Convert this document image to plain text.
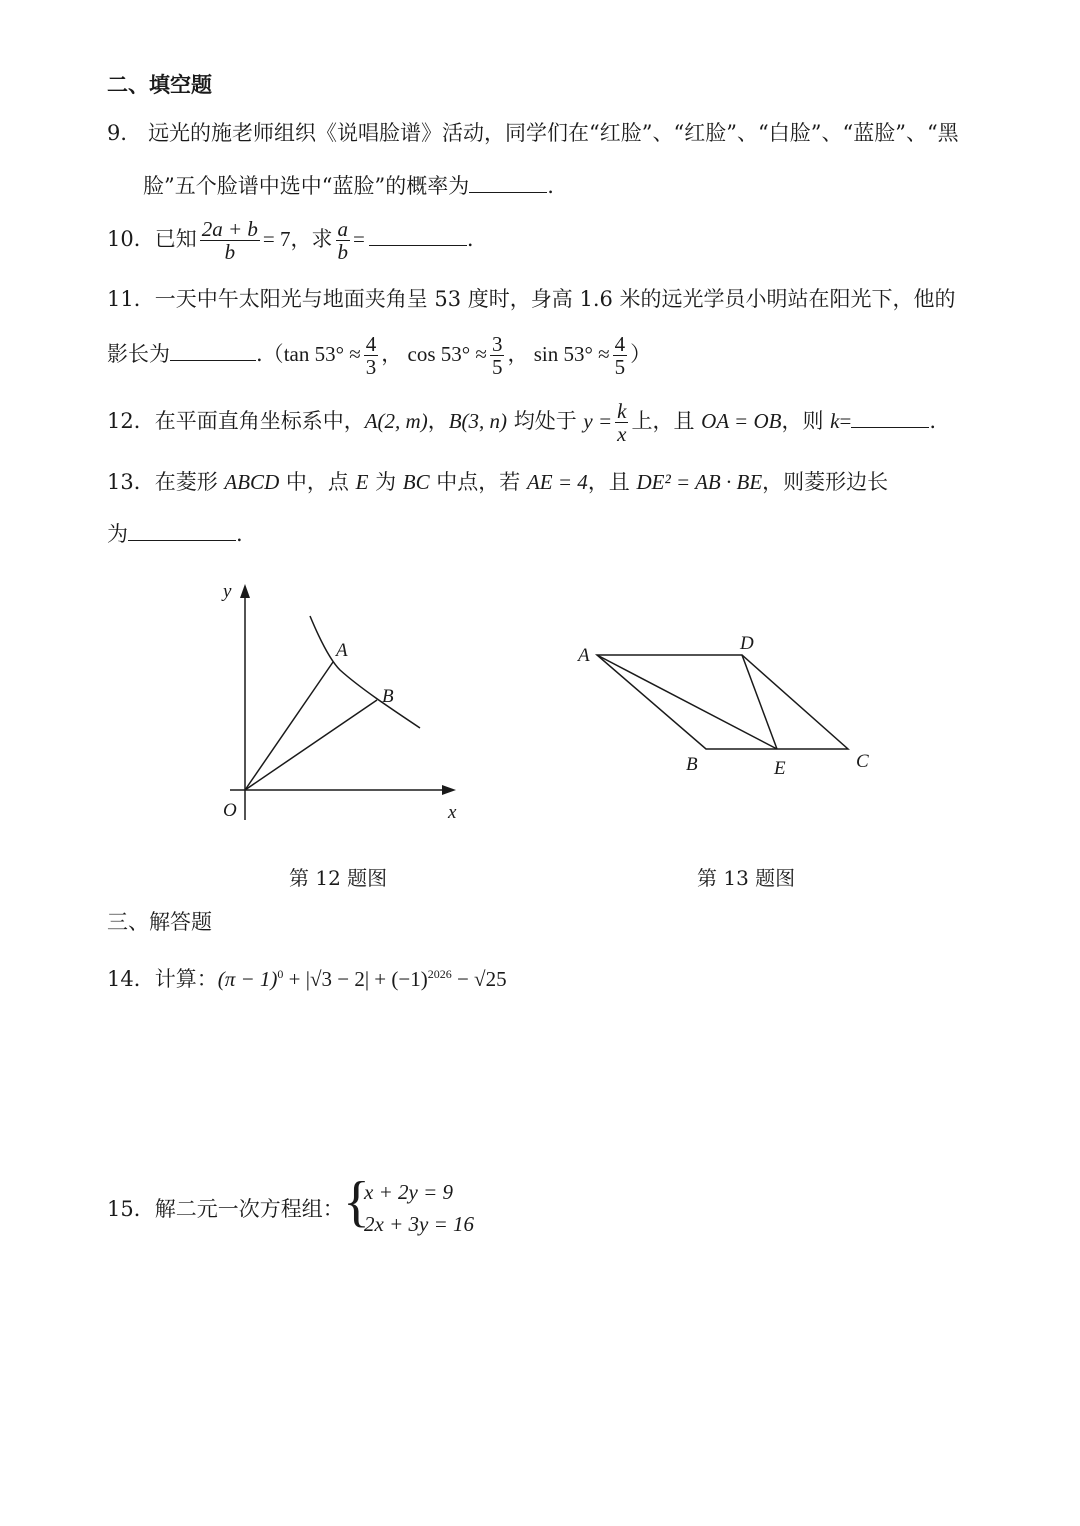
二、填空题
9． 远光的施老师组织《说唱脸谱》活动，同学们在“红脸”、“红脸”、“白脸”、“蓝脸”、“黑
脸”五个脸谱中选中“蓝脸”的概率为	.
10．已知 $\frac{2a + b}{b} = 7$，求 $\frac{a}{b}$ =	.
11．一天中午太阳光与地面夹角呈 53 度时，身高 1.6 米的远光学员小明站在阳光下，他的
影长为	.（tan $53^\circ \approx \frac{4}{3}$ ， $\cos 53^\circ \approx \frac{3}{5}$ ， $\sin 53^\circ \approx \frac{4}{5}$ ）
12．在平面直角坐标系中，A(2, m)，B(3, n) 均处于 $y = \frac{k}{x}$ 上，且 OA = OB，则 k=	.
13．在菱形 ABCD 中，点 E 为 BC 中点，若 AE = 4，且 DE² = AB · BE，则菱形边长
为	.
y
x
O
A
B
第 12 题图
A
D
B	E	C
第 13 题图
三、解答题
14．计算：$(\pi - 1)^0 + |√3 - 2| + (-1)^{2026} - √25$
15．解二元一次方程组： {
x + 2y = 9
2x + 3y = 16
